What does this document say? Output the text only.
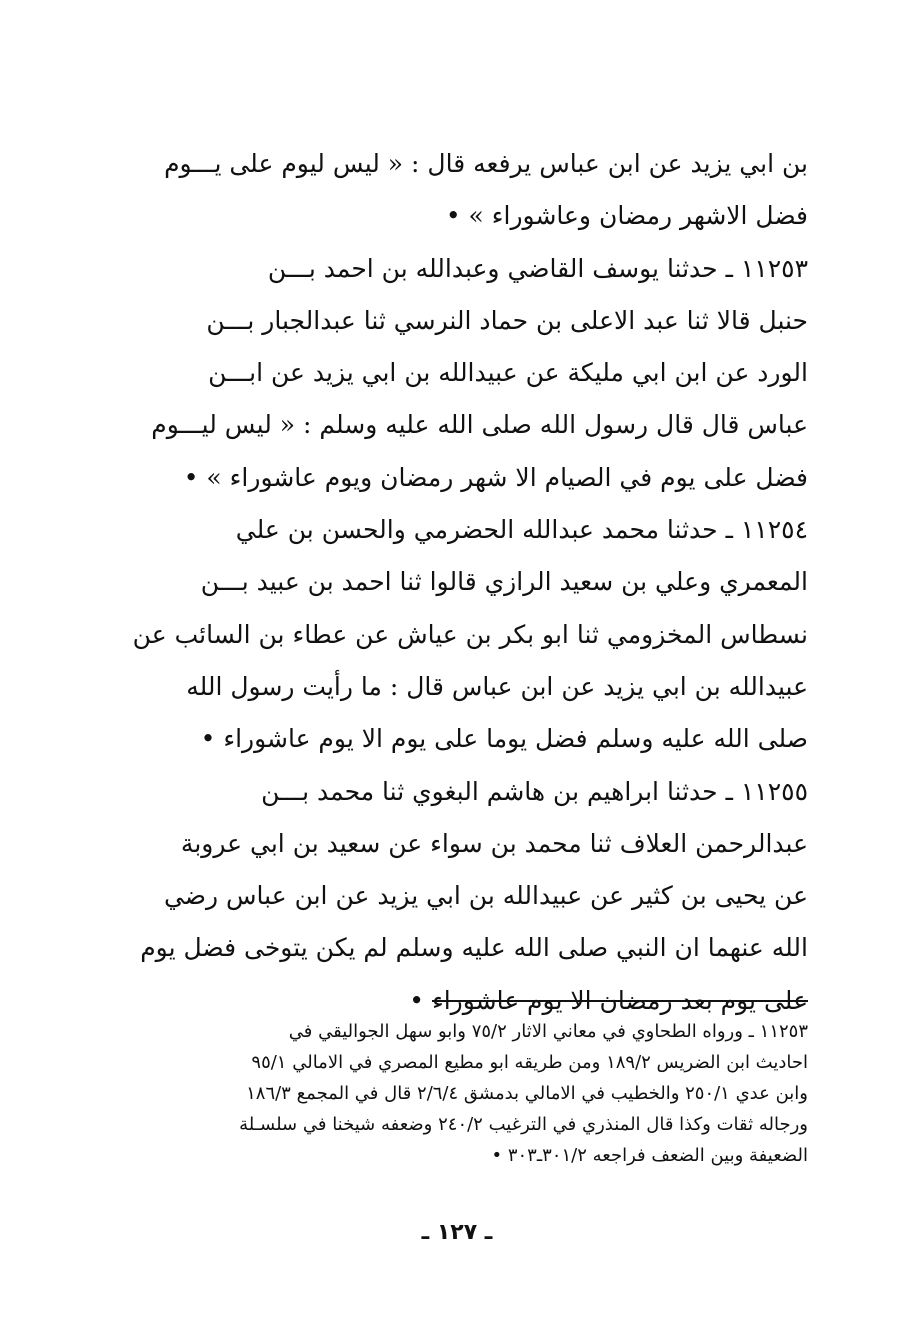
بن ابي يزيد عن ابن عباس يرفعه قال : « ليس ليوم على يـــوم
فضل الاشهر رمضان وعاشوراء » •
١١٢٥٣ ـ حدثنا يوسف القاضي وعبدالله بن احمد بـــن
حنبل قالا ثنا عبد الاعلى بن حماد النرسي ثنا عبدالجبار بـــن
الورد عن ابن ابي مليكة عن عبيدالله بن ابي يزيد عن ابـــن
عباس قال قال رسول الله صلى الله عليه وسلم : « ليس ليـــوم
فضل على يوم في الصيام الا شهر رمضان ويوم عاشوراء » •
١١٢٥٤ ـ حدثنا محمد عبدالله الحضرمي والحسن بن علي
المعمري وعلي بن سعيد الرازي قالوا ثنا احمد بن عبيد بـــن
نسطاس المخزومي ثنا ابو بكر بن عياش عن عطاء بن السائب عن
عبيدالله بن ابي يزيد عن ابن عباس قال : ما رأيت رسول الله
صلى الله عليه وسلم فضل يوما على يوم الا يوم عاشوراء •
١١٢٥٥ ـ حدثنا ابراهيم بن هاشم البغوي ثنا محمد بـــن
عبدالرحمن العلاف ثنا محمد بن سواء عن سعيد بن ابي عروبة
عن يحيى بن كثير عن عبيدالله بن ابي يزيد عن ابن عباس رضي
الله عنهما ان النبي صلى الله عليه وسلم لم يكن يتوخى فضل يوم
على يوم بعد رمضان الا يوم عاشوراء •
١١٢٥٣ ـ ورواه الطحاوي في معاني الاثار ٧٥/٢ وابو سهل الجواليقي في
احاديث ابن الضريس ١٨٩/٢ ومن طريقه ابو مطيع المصري في الامالي ٩٥/١
وابن عدي ٢٥٠/١ والخطيب في الامالي بدمشق ٢/٦/٤ قال في المجمع ١٨٦/٣
ورجاله ثقات وكذا قال المنذري في الترغيب ٢٤٠/٢ وضعفه شيخنا في سلسـلة
الضعيفة وبين الضعف فراجعه ٣٠١/٢ـ٣٠٣ •
ـ ١٢٧ ـ
